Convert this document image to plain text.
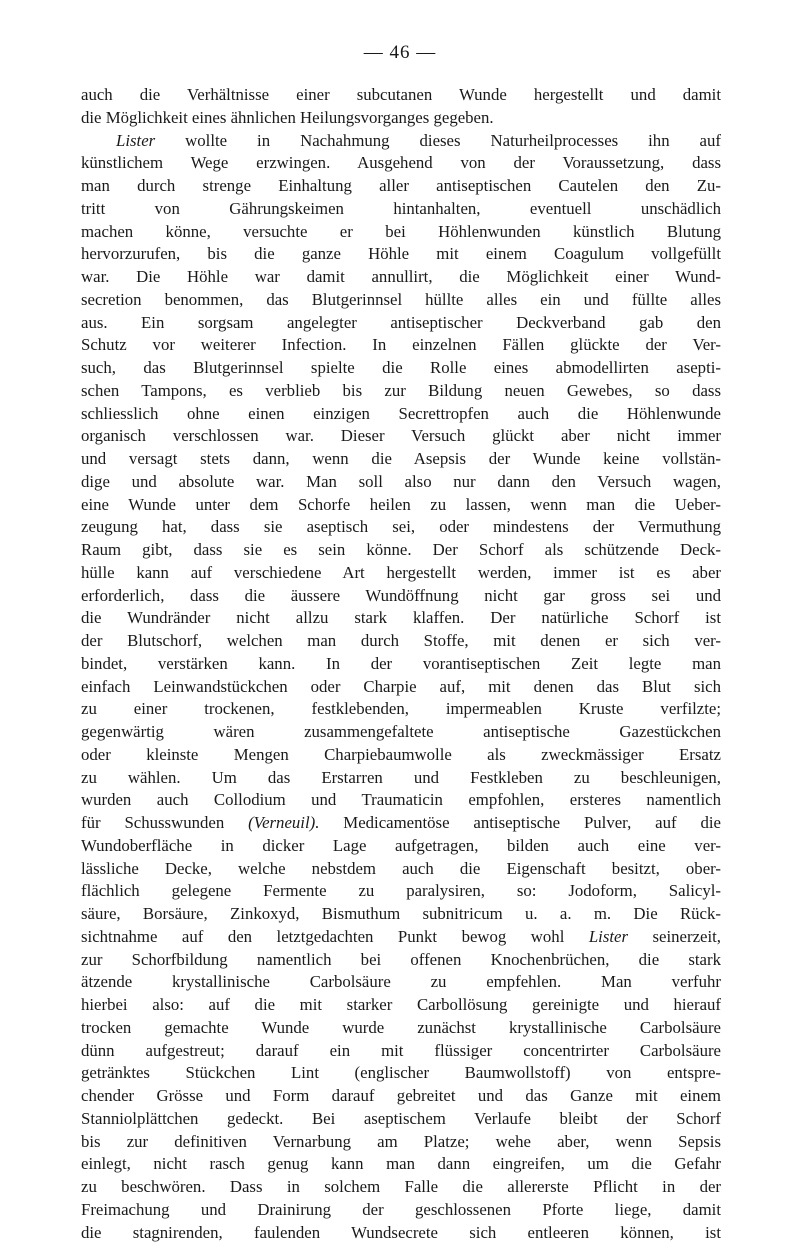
— 46 —
auch die Verhältnisse einer subcutanen Wunde hergestellt und damit
die Möglichkeit eines ähnlichen Heilungsvorganges gegeben.
Lister wollte in Nachahmung dieses Naturheilprocesses ihn auf
künstlichem Wege erzwingen. Ausgehend von der Voraussetzung, dass
man durch strenge Einhaltung aller antiseptischen Cautelen den Zu-
tritt von Gährungskeimen hintanhalten, eventuell unschädlich
machen könne, versuchte er bei Höhlenwunden künstlich Blutung
hervorzurufen, bis die ganze Höhle mit einem Coagulum vollgefüllt
war. Die Höhle war damit annullirt, die Möglichkeit einer Wund-
secretion benommen, das Blutgerinnsel hüllte alles ein und füllte alles
aus. Ein sorgsam angelegter antiseptischer Deckverband gab den
Schutz vor weiterer Infection. In einzelnen Fällen glückte der Ver-
such, das Blutgerinnsel spielte die Rolle eines abmodellirten asepti-
schen Tampons, es verblieb bis zur Bildung neuen Gewebes, so dass
schliesslich ohne einen einzigen Secrettropfen auch die Höhlenwunde
organisch verschlossen war. Dieser Versuch glückt aber nicht immer
und versagt stets dann, wenn die Asepsis der Wunde keine vollstän-
dige und absolute war. Man soll also nur dann den Versuch wagen,
eine Wunde unter dem Schorfe heilen zu lassen, wenn man die Ueber-
zeugung hat, dass sie aseptisch sei, oder mindestens der Vermuthung
Raum gibt, dass sie es sein könne. Der Schorf als schützende Deck-
hülle kann auf verschiedene Art hergestellt werden, immer ist es aber
erforderlich, dass die äussere Wundöffnung nicht gar gross sei und
die Wundränder nicht allzu stark klaffen. Der natürliche Schorf ist
der Blutschorf, welchen man durch Stoffe, mit denen er sich ver-
bindet, verstärken kann. In der vorantiseptischen Zeit legte man
einfach Leinwandstückchen oder Charpie auf, mit denen das Blut sich
zu einer trockenen, festklebenden, impermeablen Kruste verfilzte;
gegenwärtig wären zusammengefaltete antiseptische Gazestückchen
oder kleinste Mengen Charpiebaumwolle als zweckmässiger Ersatz
zu wählen. Um das Erstarren und Festkleben zu beschleunigen,
wurden auch Collodium und Traumaticin empfohlen, ersteres namentlich
für Schusswunden (Verneuil). Medicamentöse antiseptische Pulver, auf die
Wundoberfläche in dicker Lage aufgetragen, bilden auch eine ver-
lässliche Decke, welche nebstdem auch die Eigenschaft besitzt, ober-
flächlich gelegene Fermente zu paralysiren, so: Jodoform, Salicyl-
säure, Borsäure, Zinkoxyd, Bismuthum subnitricum u. a. m. Die Rück-
sichtnahme auf den letztgedachten Punkt bewog wohl Lister seinerzeit,
zur Schorfbildung namentlich bei offenen Knochenbrüchen, die stark
ätzende krystallinische Carbolsäure zu empfehlen. Man verfuhr
hierbei also: auf die mit starker Carbollösung gereinigte und hierauf
trocken gemachte Wunde wurde zunächst krystallinische Carbolsäure
dünn aufgestreut; darauf ein mit flüssiger concentrirter Carbolsäure
getränktes Stückchen Lint (englischer Baumwollstoff) von entspre-
chender Grösse und Form darauf gebreitet und das Ganze mit einem
Stanniolplättchen gedeckt. Bei aseptischem Verlaufe bleibt der Schorf
bis zur definitiven Vernarbung am Platze; wehe aber, wenn Sepsis
einlegt, nicht rasch genug kann man dann eingreifen, um die Gefahr
zu beschwören. Dass in solchem Falle die allererste Pflicht in der
Freimachung und Drainirung der geschlossenen Pforte liege, damit
die stagnirenden, faulenden Wundsecrete sich entleeren können, ist
